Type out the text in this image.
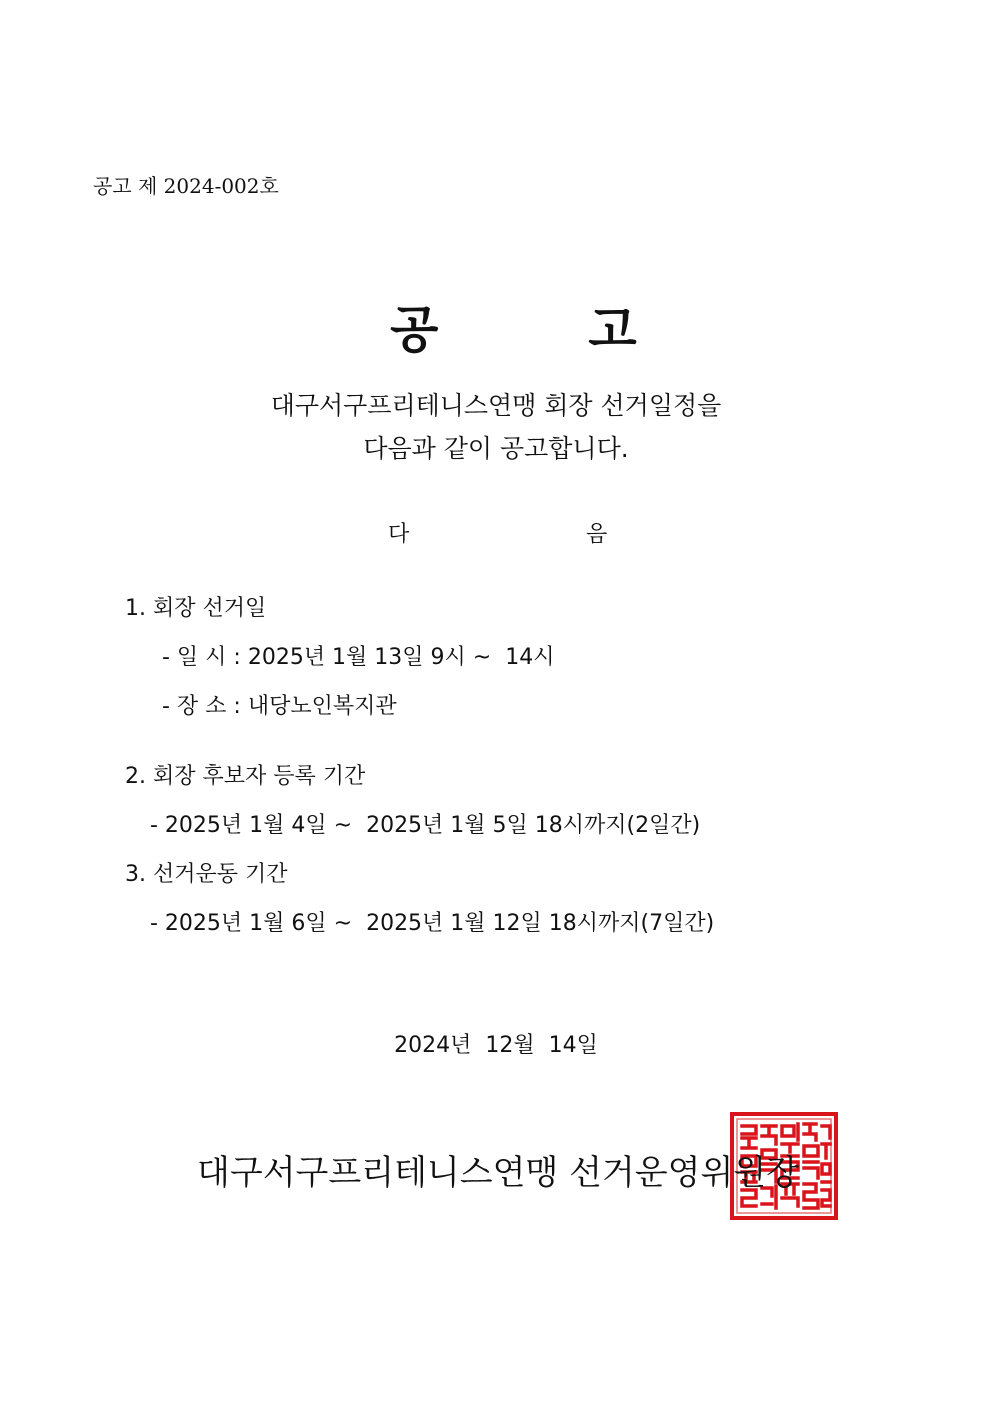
공고 제 2024-002호

공	고

대구서구프리테니스연맹 회장 선거일정을
다음과 같이 공고합니다.
다	음
1. 회장 선거일
- 일 시 : 2025년 1월 13일 9시 ~  14시
- 장 소 : 내당노인복지관
2. 회장 후보자 등록 기간
- 2025년 1월 4일 ~  2025년 1월 5일 18시까지(2일간)
3. 선거운동 기간
- 2025년 1월 6일 ~  2025년 1월 12일 18시까지(7일간)
2024년  12월  14일
대구서구프리테니스연맹 선거운영위원장
